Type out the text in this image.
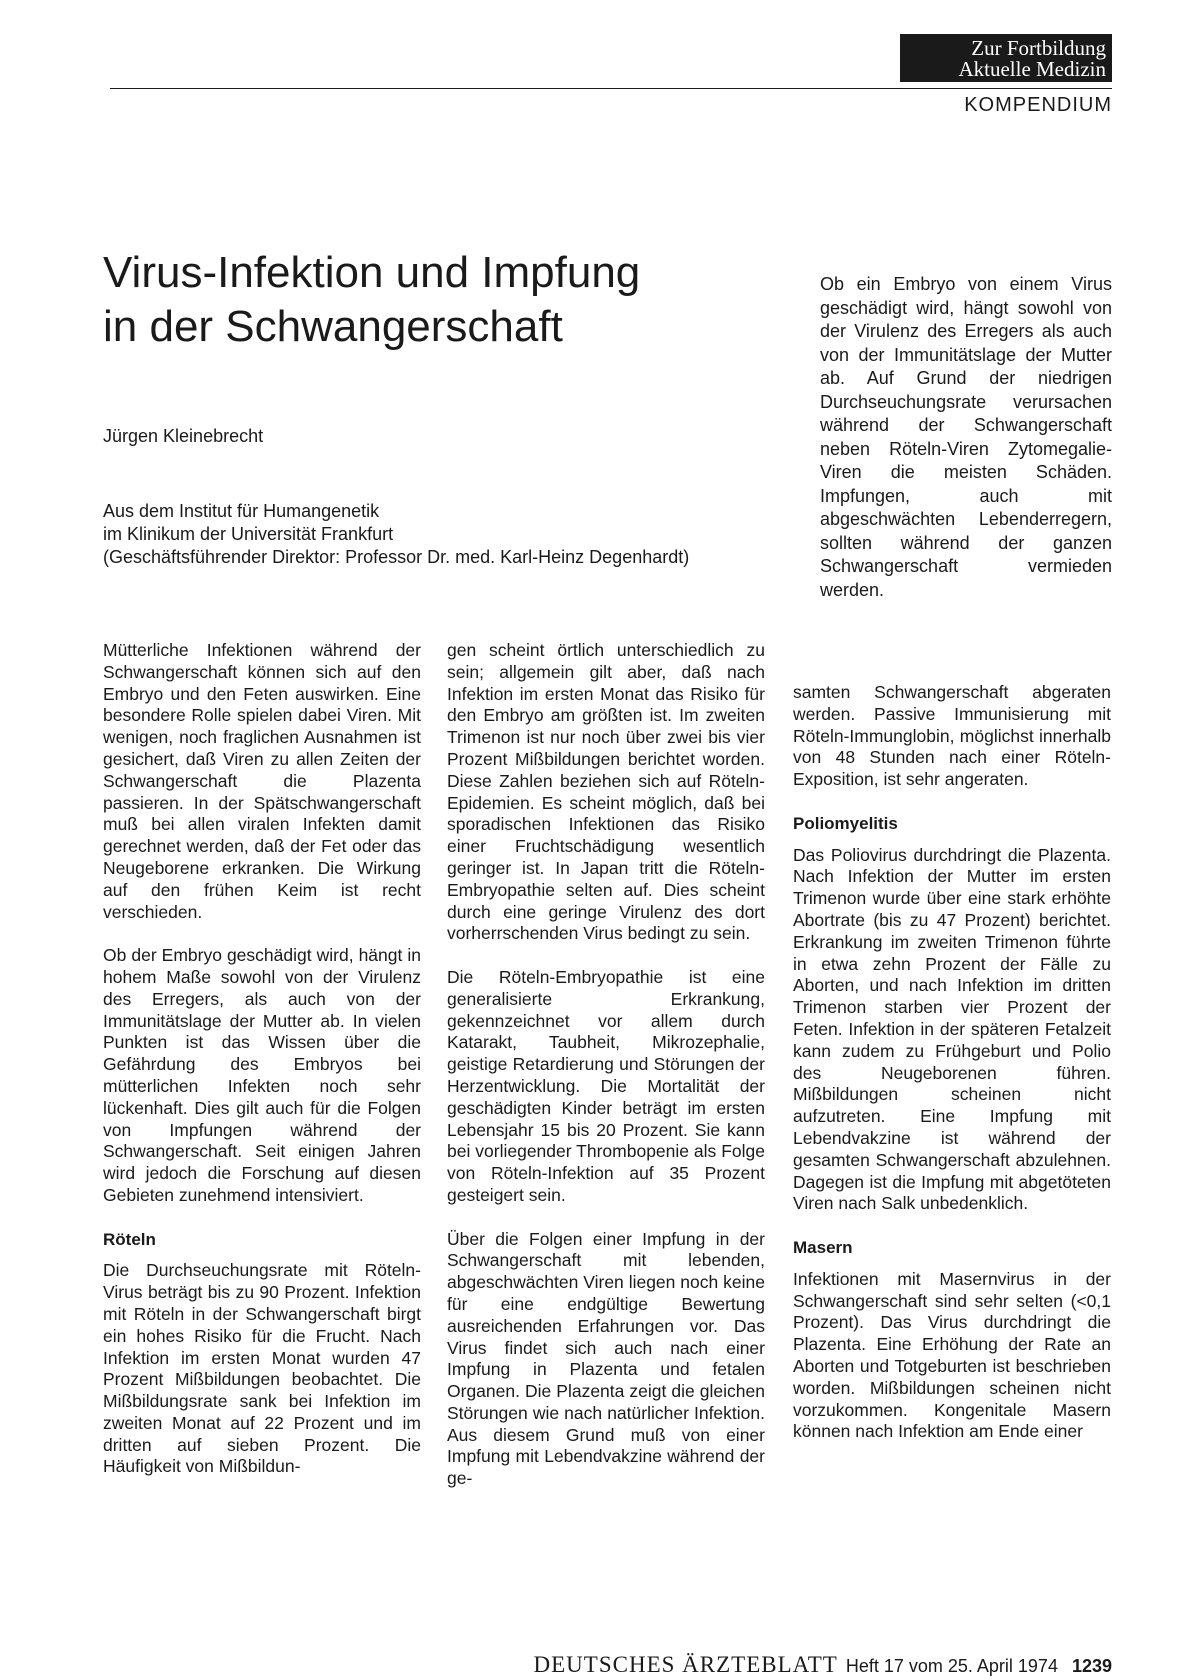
Zur Fortbildung
Aktuelle Medizin
KOMPENDIUM
Virus-Infektion und Impfung
in der Schwangerschaft
Jürgen Kleinebrecht
Aus dem Institut für Humangenetik
im Klinikum der Universität Frankfurt
(Geschäftsführender Direktor: Professor Dr. med. Karl-Heinz Degenhardt)
Ob ein Embryo von einem Virus geschädigt wird, hängt sowohl von der Virulenz des Erregers als auch von der Immunitätslage der Mutter ab. Auf Grund der niedrigen Durchseuchungsrate verursachen während der Schwangerschaft neben Röteln-Viren Zytomegalie-Viren die meisten Schäden. Impfungen, auch mit abgeschwächten Lebenderregern, sollten während der ganzen Schwangerschaft vermieden werden.

Mütterliche Infektionen während der Schwangerschaft können sich auf den Embryo und den Feten auswirken. Eine besondere Rolle spielen dabei Viren. Mit wenigen, noch fraglichen Ausnahmen ist gesichert, daß Viren zu allen Zeiten der Schwangerschaft die Plazenta passieren. In der Spätschwangerschaft muß bei allen viralen Infekten damit gerechnet werden, daß der Fet oder das Neugeborene erkranken. Die Wirkung auf den frühen Keim ist recht verschieden.

Ob der Embryo geschädigt wird, hängt in hohem Maße sowohl von der Virulenz des Erregers, als auch von der Immunitätslage der Mutter ab. In vielen Punkten ist das Wissen über die Gefährdung des Embryos bei mütterlichen Infekten noch sehr lückenhaft. Dies gilt auch für die Folgen von Impfungen während der Schwangerschaft. Seit einigen Jahren wird jedoch die Forschung auf diesen Gebieten zunehmend intensiviert.

Röteln

Die Durchseuchungsrate mit Röteln-Virus beträgt bis zu 90 Prozent. Infektion mit Röteln in der Schwangerschaft birgt ein hohes Risiko für die Frucht. Nach Infektion im ersten Monat wurden 47 Prozent Mißbildungen beobachtet. Die Mißbildungsrate sank bei Infektion im zweiten Monat auf 22 Prozent und im dritten auf sieben Prozent. Die Häufigkeit von Mißbildun-

gen scheint örtlich unterschiedlich zu sein; allgemein gilt aber, daß nach Infektion im ersten Monat das Risiko für den Embryo am größten ist. Im zweiten Trimenon ist nur noch über zwei bis vier Prozent Mißbildungen berichtet worden. Diese Zahlen beziehen sich auf Röteln-Epidemien. Es scheint möglich, daß bei sporadischen Infektionen das Risiko einer Fruchtschädigung wesentlich geringer ist. In Japan tritt die Röteln-Embryopathie selten auf. Dies scheint durch eine geringe Virulenz des dort vorherrschenden Virus bedingt zu sein.

Die Röteln-Embryopathie ist eine generalisierte Erkrankung, gekennzeichnet vor allem durch Katarakt, Taubheit, Mikrozephalie, geistige Retardierung und Störungen der Herzentwicklung. Die Mortalität der geschädigten Kinder beträgt im ersten Lebensjahr 15 bis 20 Prozent. Sie kann bei vorliegender Thrombopenie als Folge von Röteln-Infektion auf 35 Prozent gesteigert sein.

Über die Folgen einer Impfung in der Schwangerschaft mit lebenden, abgeschwächten Viren liegen noch keine für eine endgültige Bewertung ausreichenden Erfahrungen vor. Das Virus findet sich auch nach einer Impfung in Plazenta und fetalen Organen. Die Plazenta zeigt die gleichen Störungen wie nach natürlicher Infektion. Aus diesem Grund muß von einer Impfung mit Lebendvakzine während der ge-

samten Schwangerschaft abgeraten werden. Passive Immunisierung mit Röteln-Immunglobin, möglichst innerhalb von 48 Stunden nach einer Röteln-Exposition, ist sehr angeraten.

Poliomyelitis

Das Poliovirus durchdringt die Plazenta. Nach Infektion der Mutter im ersten Trimenon wurde über eine stark erhöhte Abortrate (bis zu 47 Prozent) berichtet. Erkrankung im zweiten Trimenon führte in etwa zehn Prozent der Fälle zu Aborten, und nach Infektion im dritten Trimenon starben vier Prozent der Feten. Infektion in der späteren Fetalzeit kann zudem zu Frühgeburt und Polio des Neugeborenen führen. Mißbildungen scheinen nicht aufzutreten. Eine Impfung mit Lebendvakzine ist während der gesamten Schwangerschaft abzulehnen. Dagegen ist die Impfung mit abgetöteten Viren nach Salk unbedenklich.

Masern

Infektionen mit Masernvirus in der Schwangerschaft sind sehr selten (<0,1 Prozent). Das Virus durchdringt die Plazenta. Eine Erhöhung der Rate an Aborten und Totgeburten ist beschrieben worden. Mißbildungen scheinen nicht vorzukommen. Kongenitale Masern können nach Infektion am Ende einer

DEUTSCHES ÄRZTEBLATT Heft 17 vom 25. April 1974 1239
